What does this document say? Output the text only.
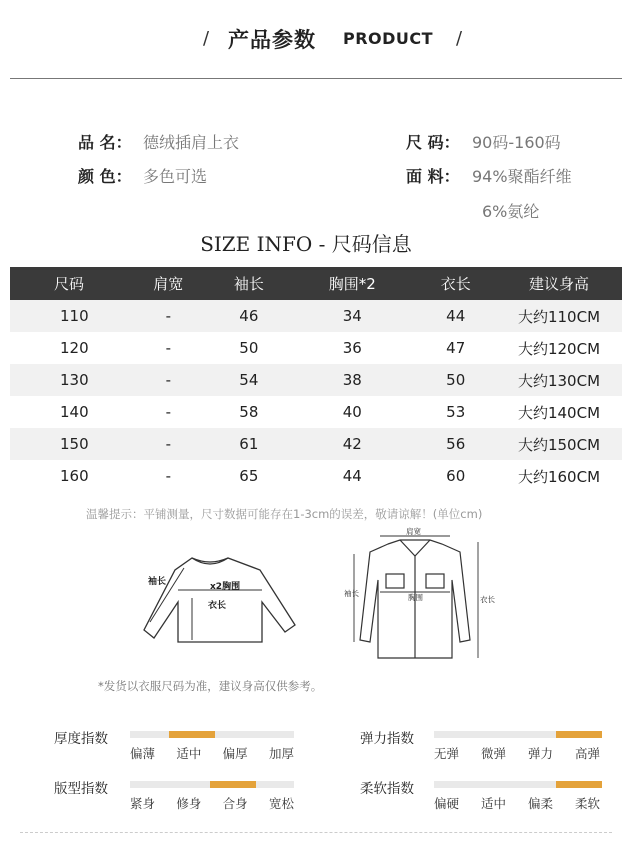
/ 产品参数 PRODUCT /
品 名： 德绒插肩上衣	尺 码： 90码-160码
颜 色： 多色可选	面 料： 94%聚酯纤维
6%氨纶
SIZE INFO - 尺码信息
尺码	肩宽	袖长	胸围*2	衣长	建议身高
110	-	46	34	44	大约110CM
120	-	50	36	47	大约120CM
130	-	54	38	50	大约130CM
140	-	58	40	53	大约140CM
150	-	61	42	56	大约150CM
160	-	65	44	60	大约160CM
温馨提示：平铺测量，尺寸数据可能存在1-3cm的误差，敬请谅解！(单位cm)
袖长	x2胸围
衣长
肩宽
胸围
袖长
衣长
*发货以衣服尺码为准，建议身高仅供参考。
厚度指数
偏薄 适中 偏厚 加厚
弹力指数
无弹 微弹 弹力 高弹
版型指数
紧身 修身 合身 宽松
柔软指数
偏硬 适中 偏柔 柔软
